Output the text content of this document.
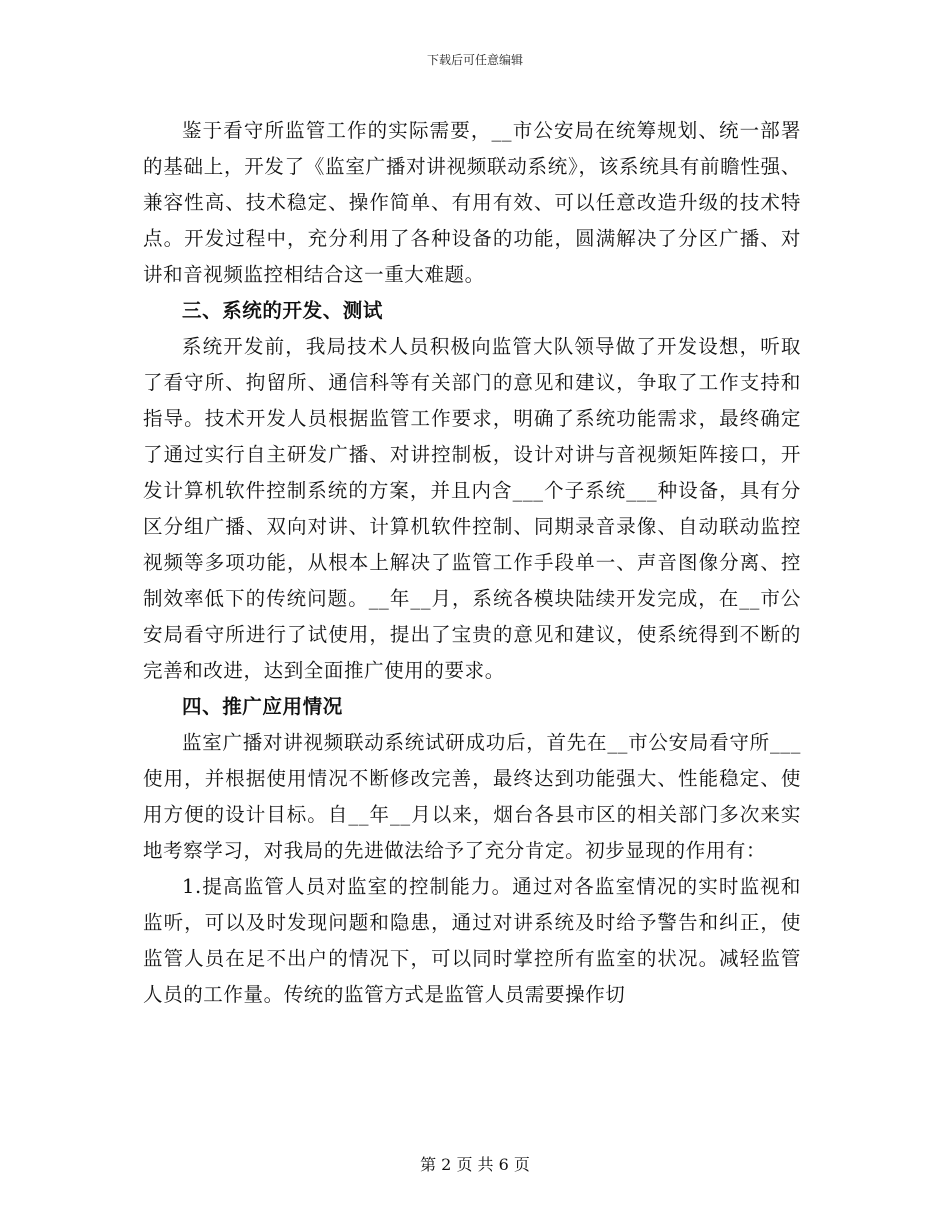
下载后可任意编辑

鉴于看守所监管工作的实际需要，__市公安局在统筹规划、统一部署的基础上，开发了《监室广播对讲视频联动系统》，该系统具有前瞻性强、兼容性高、技术稳定、操作简单、有用有效、可以任意改造升级的技术特点。开发过程中，充分利用了各种设备的功能，圆满解决了分区广播、对讲和音视频监控相结合这一重大难题。

三、系统的开发、测试

系统开发前，我局技术人员积极向监管大队领导做了开发设想，听取了看守所、拘留所、通信科等有关部门的意见和建议，争取了工作支持和指导。技术开发人员根据监管工作要求，明确了系统功能需求，最终确定了通过实行自主研发广播、对讲控制板，设计对讲与音视频矩阵接口，开发计算机软件控制系统的方案，并且内含___个子系统___种设备，具有分区分组广播、双向对讲、计算机软件控制、同期录音录像、自动联动监控视频等多项功能，从根本上解决了监管工作手段单一、声音图像分离、控制效率低下的传统问题。__年__月，系统各模块陆续开发完成，在__市公安局看守所进行了试使用，提出了宝贵的意见和建议，使系统得到不断的完善和改进，达到全面推广使用的要求。

四、推广应用情况

监室广播对讲视频联动系统试研成功后，首先在__市公安局看守所___使用，并根据使用情况不断修改完善，最终达到功能强大、性能稳定、使用方便的设计目标。自__年__月以来，烟台各县市区的相关部门多次来实地考察学习，对我局的先进做法给予了充分肯定。初步显现的作用有：

1.提高监管人员对监室的控制能力。通过对各监室情况的实时监视和监听，可以及时发现问题和隐患，通过对讲系统及时给予警告和纠正，使监管人员在足不出户的情况下，可以同时掌控所有监室的状况。减轻监管人员的工作量。传统的监管方式是监管人员需要操作切

第 2 页 共 6 页
